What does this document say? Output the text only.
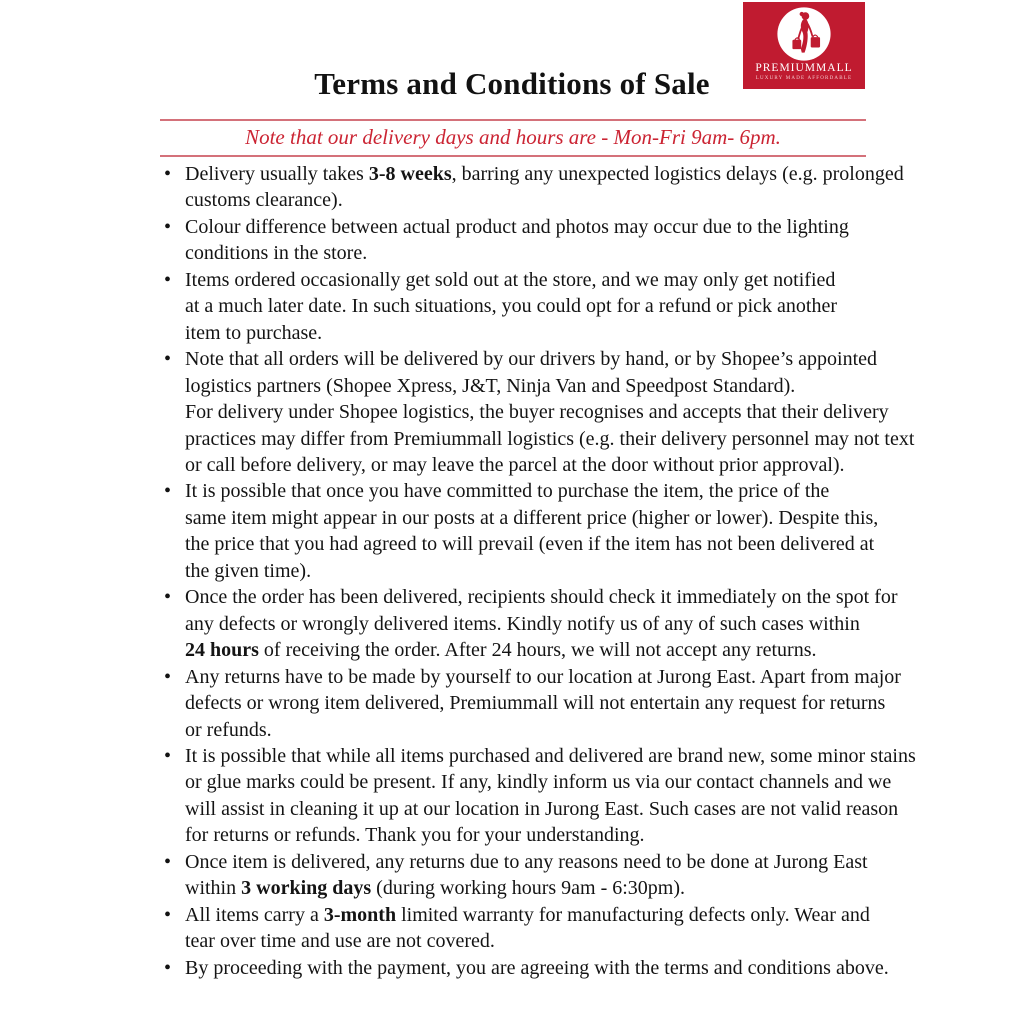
Terms and Conditions of Sale	PREMIUMMALL
LUXURY MADE AFFORDABLE
Note that our delivery days and hours are - Mon-Fri 9am- 6pm.
• Delivery usually takes 3-8 weeks, barring any unexpected logistics delays (e.g. prolonged
customs clearance).
• Colour difference between actual product and photos may occur due to the lighting
conditions in the store.
• Items ordered occasionally get sold out at the store, and we may only get notified
at a much later date. In such situations, you could opt for a refund or pick another
item to purchase.
• Note that all orders will be delivered by our drivers by hand, or by Shopee’s appointed
logistics partners (Shopee Xpress, J&T, Ninja Van and Speedpost Standard).
For delivery under Shopee logistics, the buyer recognises and accepts that their delivery
practices may differ from Premiummall logistics (e.g. their delivery personnel may not text
or call before delivery, or may leave the parcel at the door without prior approval).
• It is possible that once you have committed to purchase the item, the price of the
same item might appear in our posts at a different price (higher or lower). Despite this,
the price that you had agreed to will prevail (even if the item has not been delivered at
the given time).
• Once the order has been delivered, recipients should check it immediately on the spot for
any defects or wrongly delivered items. Kindly notify us of any of such cases within
24 hours of receiving the order. After 24 hours, we will not accept any returns.
• Any returns have to be made by yourself to our location at Jurong East. Apart from major
defects or wrong item delivered, Premiummall will not entertain any request for returns
or refunds.
• It is possible that while all items purchased and delivered are brand new, some minor stains
or glue marks could be present. If any, kindly inform us via our contact channels and we
will assist in cleaning it up at our location in Jurong East. Such cases are not valid reason
for returns or refunds. Thank you for your understanding.
• Once item is delivered, any returns due to any reasons need to be done at Jurong East
within 3 working days (during working hours 9am - 6:30pm).
• All items carry a 3-month limited warranty for manufacturing defects only. Wear and
tear over time and use are not covered.
• By proceeding with the payment, you are agreeing with the terms and conditions above.
